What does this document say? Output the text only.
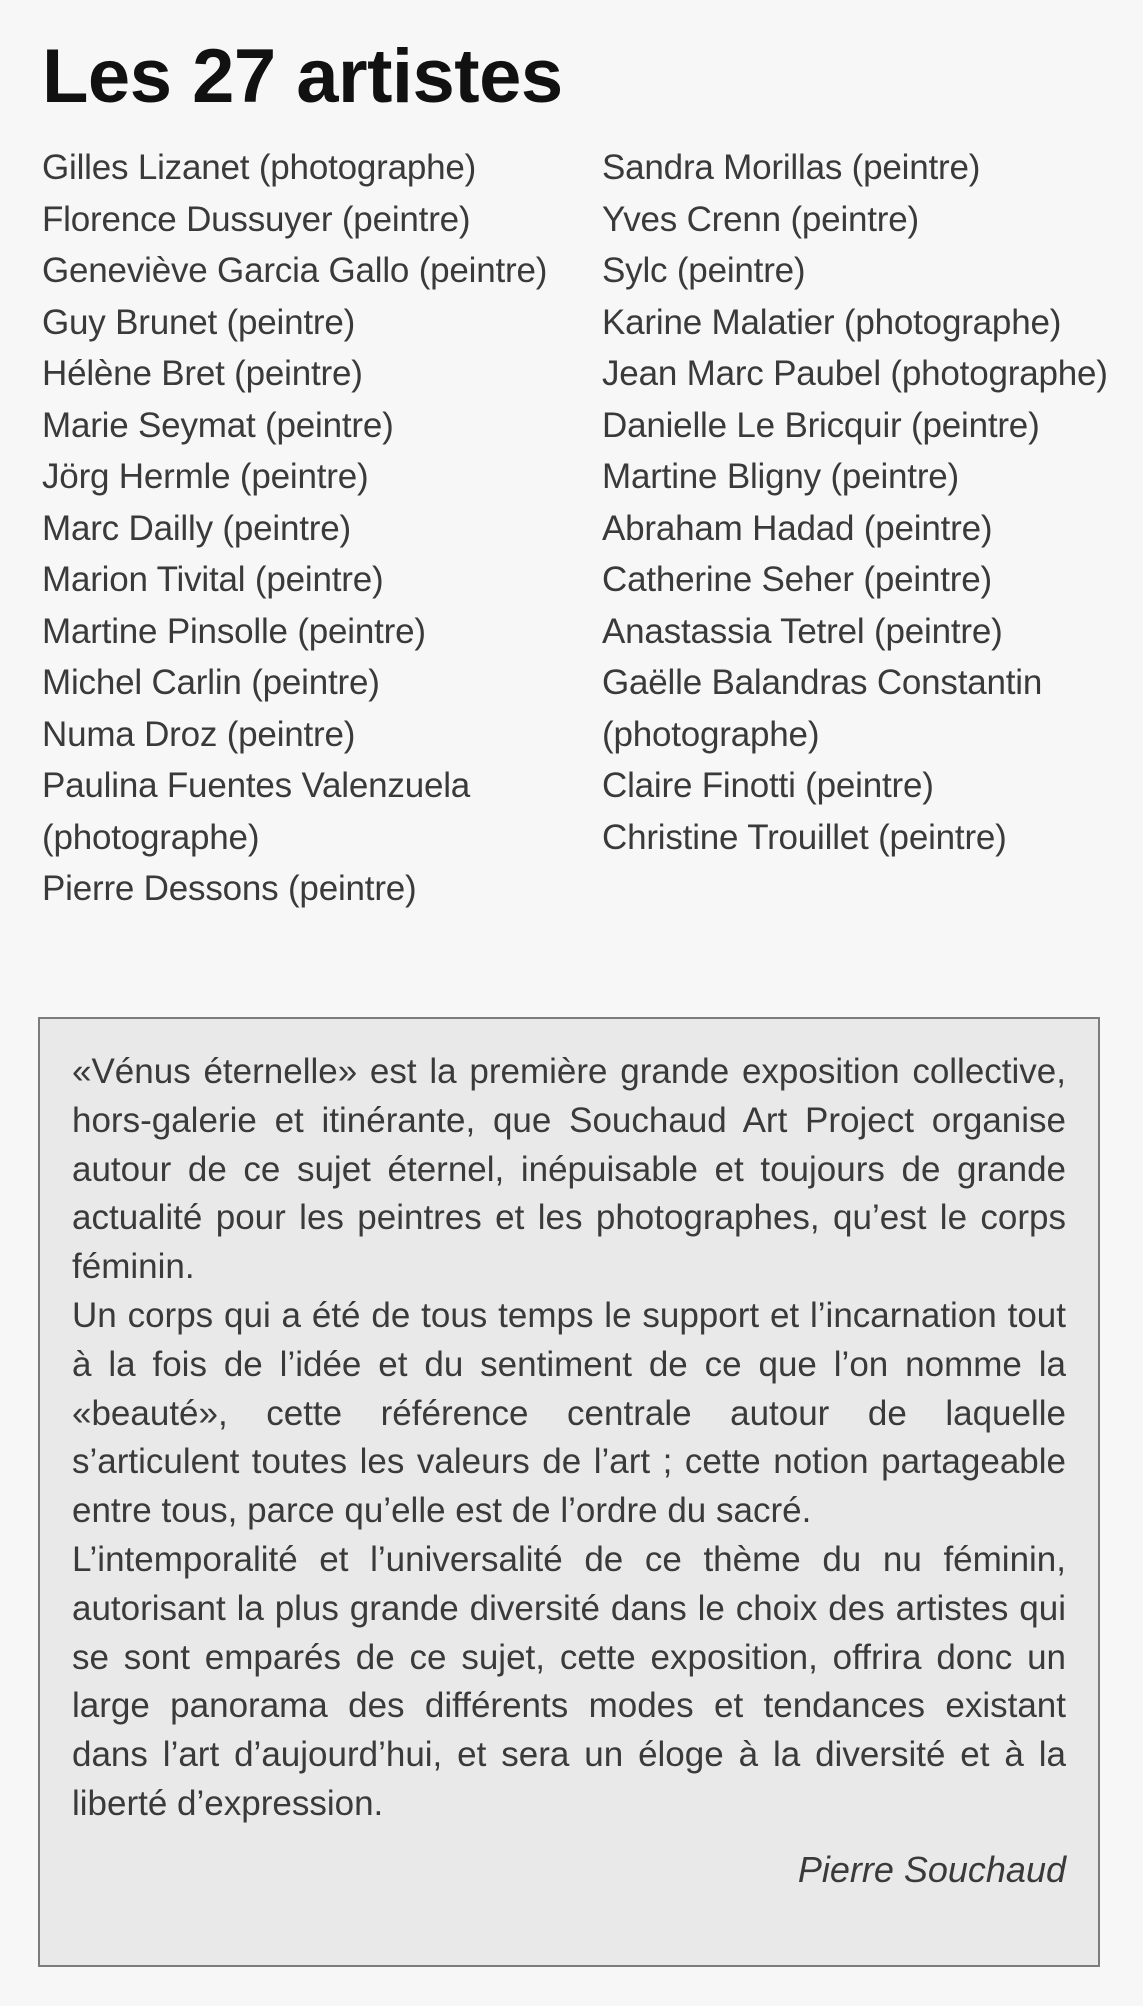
Les 27 artistes
Gilles Lizanet (photographe)
Florence Dussuyer (peintre)
Geneviève Garcia Gallo (peintre)
Guy Brunet (peintre)
Hélène Bret (peintre)
Marie Seymat (peintre)
Jörg Hermle (peintre)
Marc Dailly (peintre)
Marion Tivital (peintre)
Martine Pinsolle (peintre)
Michel Carlin (peintre)
Numa Droz (peintre)
Paulina Fuentes Valenzuela (photographe)
Pierre Dessons (peintre)
Sandra Morillas (peintre)
Yves Crenn (peintre)
Sylc (peintre)
Karine Malatier (photographe)
Jean Marc Paubel (photographe)
Danielle Le Bricquir (peintre)
Martine Bligny (peintre)
Abraham Hadad (peintre)
Catherine Seher (peintre)
Anastassia Tetrel (peintre)
Gaëlle Balandras Constantin (photographe)
Claire Finotti (peintre)
Christine Trouillet (peintre)

«Vénus éternelle» est la première grande exposition collective, hors-galerie et itinérante, que Souchaud Art Project organise autour de ce sujet éternel, inépuisable et toujours de grande actualité pour les peintres et les photographes, qu’est le corps féminin.

Un corps qui a été de tous temps le support et l’incarnation tout à la fois de l’idée et du sentiment de ce que l’on nomme la «beauté», cette référence centrale autour de laquelle s’articulent toutes les valeurs de l’art ; cette notion partageable entre tous, parce qu’elle est de l’ordre du sacré.

L’intemporalité et l’universalité de ce thème du nu féminin, autorisant la plus grande diversité dans le choix des artistes qui se sont emparés de ce sujet, cette exposition, offrira donc un large panorama des différents modes et tendances existant dans l’art d’aujourd’hui, et sera un éloge à la diversité et à la liberté d’expression.

Pierre Souchaud
